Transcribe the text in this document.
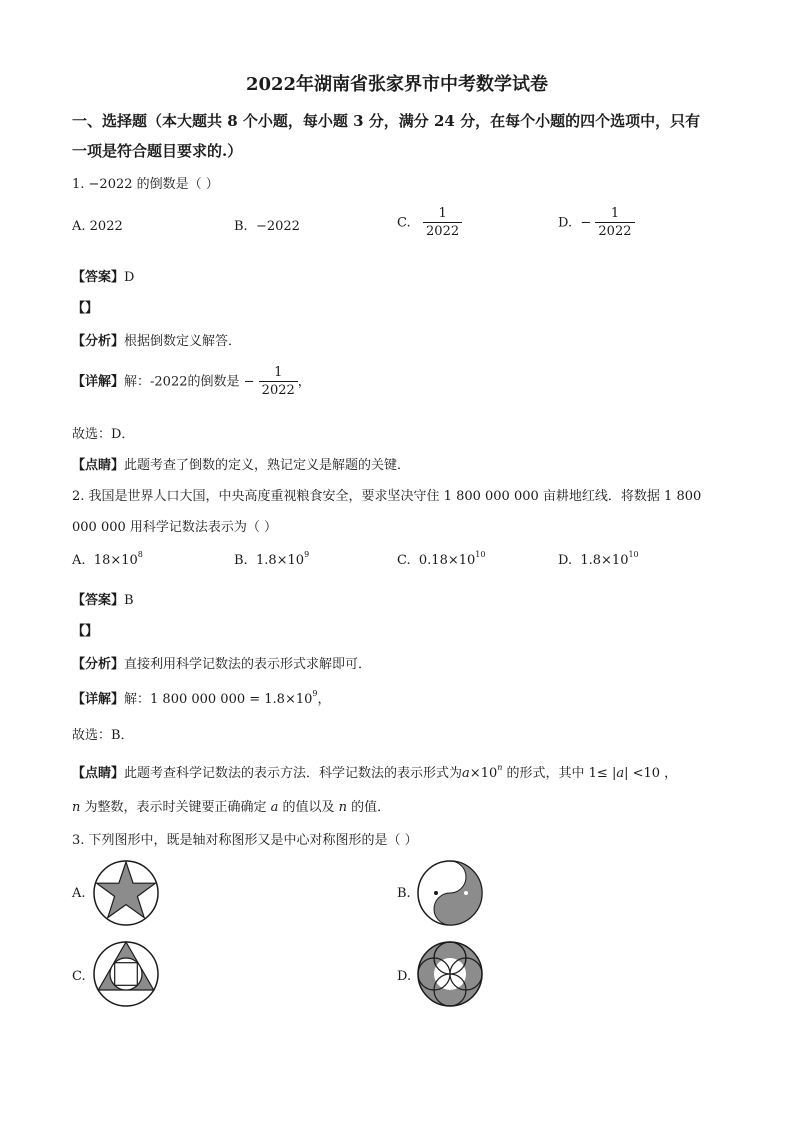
2022年湖南省张家界市中考数学试卷
一、选择题（本大题共 8 个小题，每小题 3 分，满分 24 分，在每个小题的四个选项中，只有
一项是符合题目要求的.）
1. −2022 的倒数是（ ）
A. 2022	B. −2022	C. $\frac{1}{2022}$	D. − $\frac{1}{2022}$
【答案】D
【】
【分析】根据倒数定义解答．
【详解】解：-2022的倒数是 − $\frac{1}{2022}$ ，
故选：D．
【点睛】此题考查了倒数的定义，熟记定义是解题的关键．
2. 我国是世界人口大国，中央高度重视粮食安全，要求坚决守住 1 800 000 000 亩耕地红线．将数据 1 800
000 000 用科学记数法表示为（ ）
A. $18\times 10^8$	B. $1.8\times 10^9$	C. $0.18\times 10^{10}$	D. $1.8\times 10^{10}$
【答案】B
【】
【分析】直接利用科学记数法的表示形式求解即可．
【详解】解：1 800 000 $000 = 1.8\times 10^9$，
故选：B．
【点睛】此题考查科学记数法的表示方法．科学记数法的表示形式为$a\times 10^n$ 的形式，其中 1≤ |a| <10 ，
n 为整数，表示时关键要正确确定 a 的值以及 n 的值．
3. 下列图形中，既是轴对称图形又是中心对称图形的是（ ）
A.	B.
C.	D.
